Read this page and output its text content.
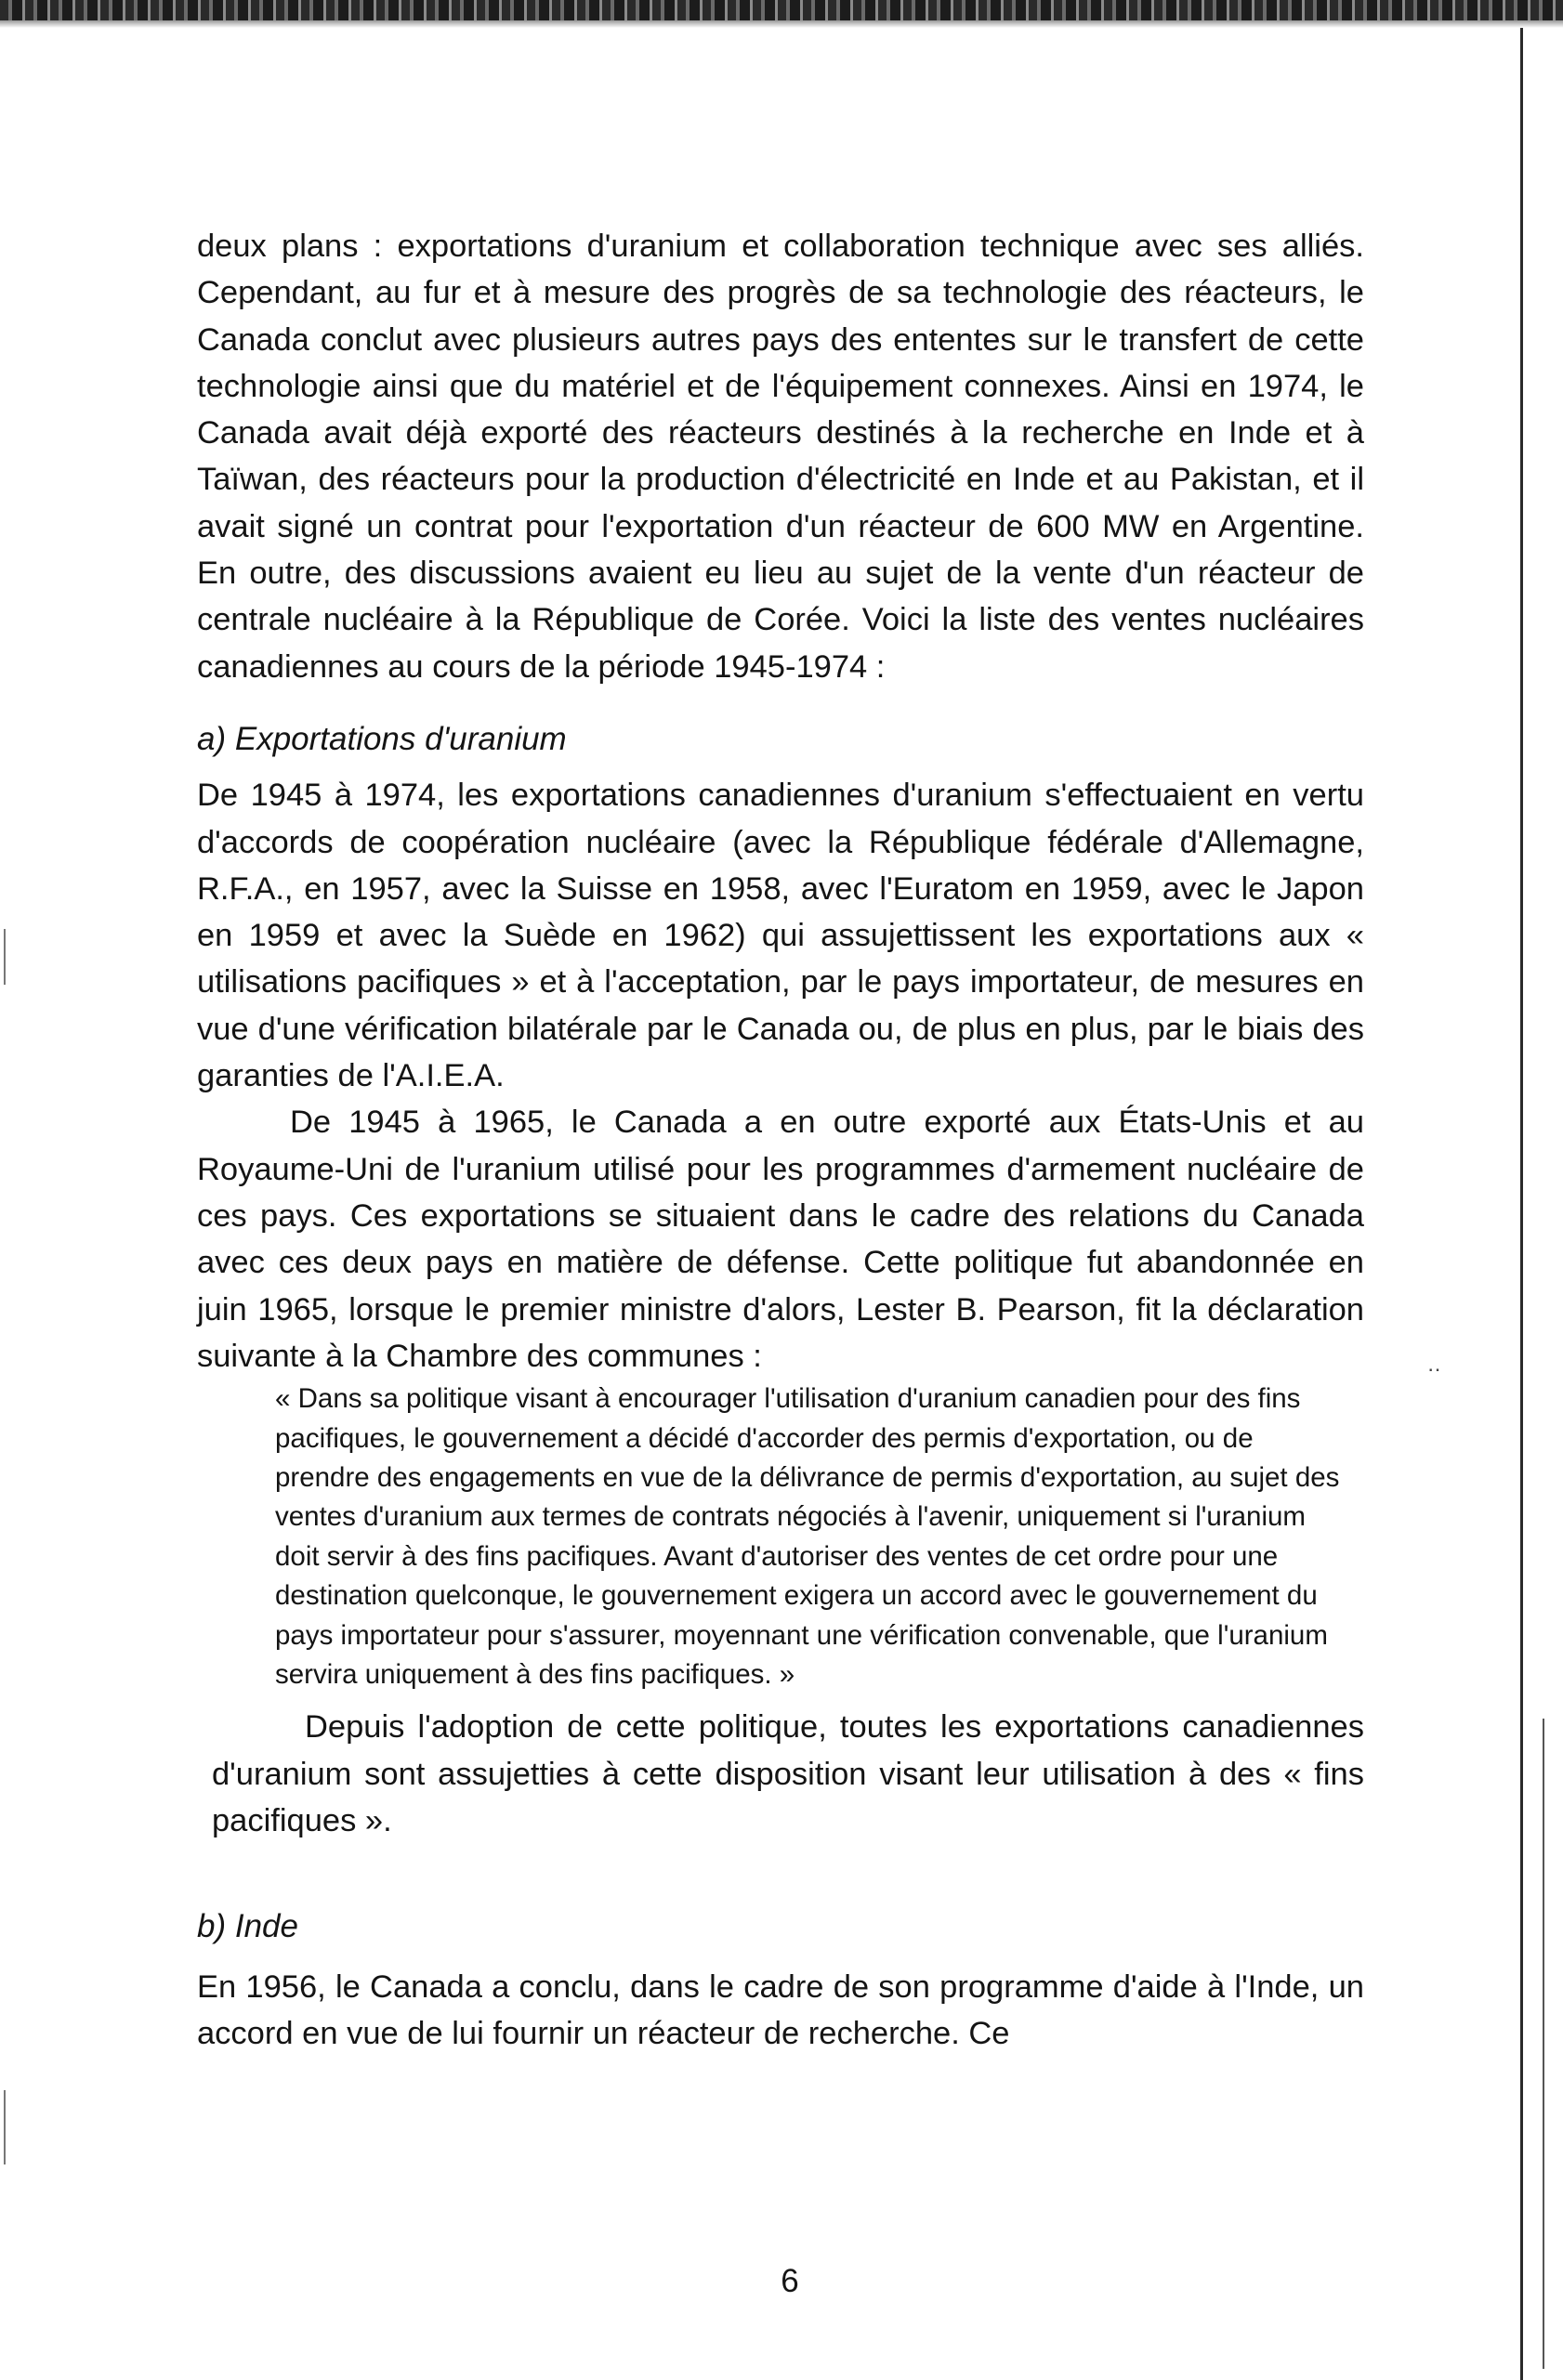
‥

deux plans : exportations d'uranium et collaboration technique avec ses alliés. Cependant, au fur et à mesure des progrès de sa technologie des réacteurs, le Canada conclut avec plusieurs autres pays des ententes sur le transfert de cette technologie ainsi que du matériel et de l'équipement connexes. Ainsi en 1974, le Canada avait déjà exporté des réacteurs destinés à la recherche en Inde et à Taïwan, des réacteurs pour la production d'électricité en Inde et au Pakistan, et il avait signé un contrat pour l'exportation d'un réacteur de 600 MW en Argentine. En outre, des discussions avaient eu lieu au sujet de la vente d'un réacteur de centrale nucléaire à la République de Corée. Voici la liste des ventes nucléaires canadiennes au cours de la période 1945-1974 :

a) Exportations d'uranium

De 1945 à 1974, les exportations canadiennes d'uranium s'effectuaient en vertu d'accords de coopération nucléaire (avec la République fédérale d'Allemagne, R.F.A., en 1957, avec la Suisse en 1958, avec l'Euratom en 1959, avec le Japon en 1959 et avec la Suède en 1962) qui assujettissent les exportations aux « utilisations pacifiques » et à l'acceptation, par le pays importateur, de mesures en vue d'une vérification bilatérale par le Canada ou, de plus en plus, par le biais des garanties de l'A.I.E.A.

De 1945 à 1965, le Canada a en outre exporté aux États-Unis et au Royaume-Uni de l'uranium utilisé pour les programmes d'armement nucléaire de ces pays. Ces exportations se situaient dans le cadre des relations du Canada avec ces deux pays en matière de défense. Cette politique fut abandonnée en juin 1965, lorsque le premier ministre d'alors, Lester B. Pearson, fit la déclaration suivante à la Chambre des communes :

« Dans sa politique visant à encourager l'utilisation d'uranium canadien pour des fins pacifiques, le gouvernement a décidé d'accorder des permis d'exportation, ou de prendre des engagements en vue de la délivrance de permis d'exportation, au sujet des ventes d'uranium aux termes de contrats négociés à l'avenir, uniquement si l'uranium doit servir à des fins pacifiques. Avant d'autoriser des ventes de cet ordre pour une destination quelconque, le gouvernement exigera un accord avec le gouvernement du pays importateur pour s'assurer, moyennant une vérification convenable, que l'uranium servira uniquement à des fins pacifiques. »

Depuis l'adoption de cette politique, toutes les exportations canadiennes d'uranium sont assujetties à cette disposition visant leur utilisation à des « fins pacifiques ».

b) Inde

En 1956, le Canada a conclu, dans le cadre de son programme d'aide à l'Inde, un accord en vue de lui fournir un réacteur de recherche. Ce

6
